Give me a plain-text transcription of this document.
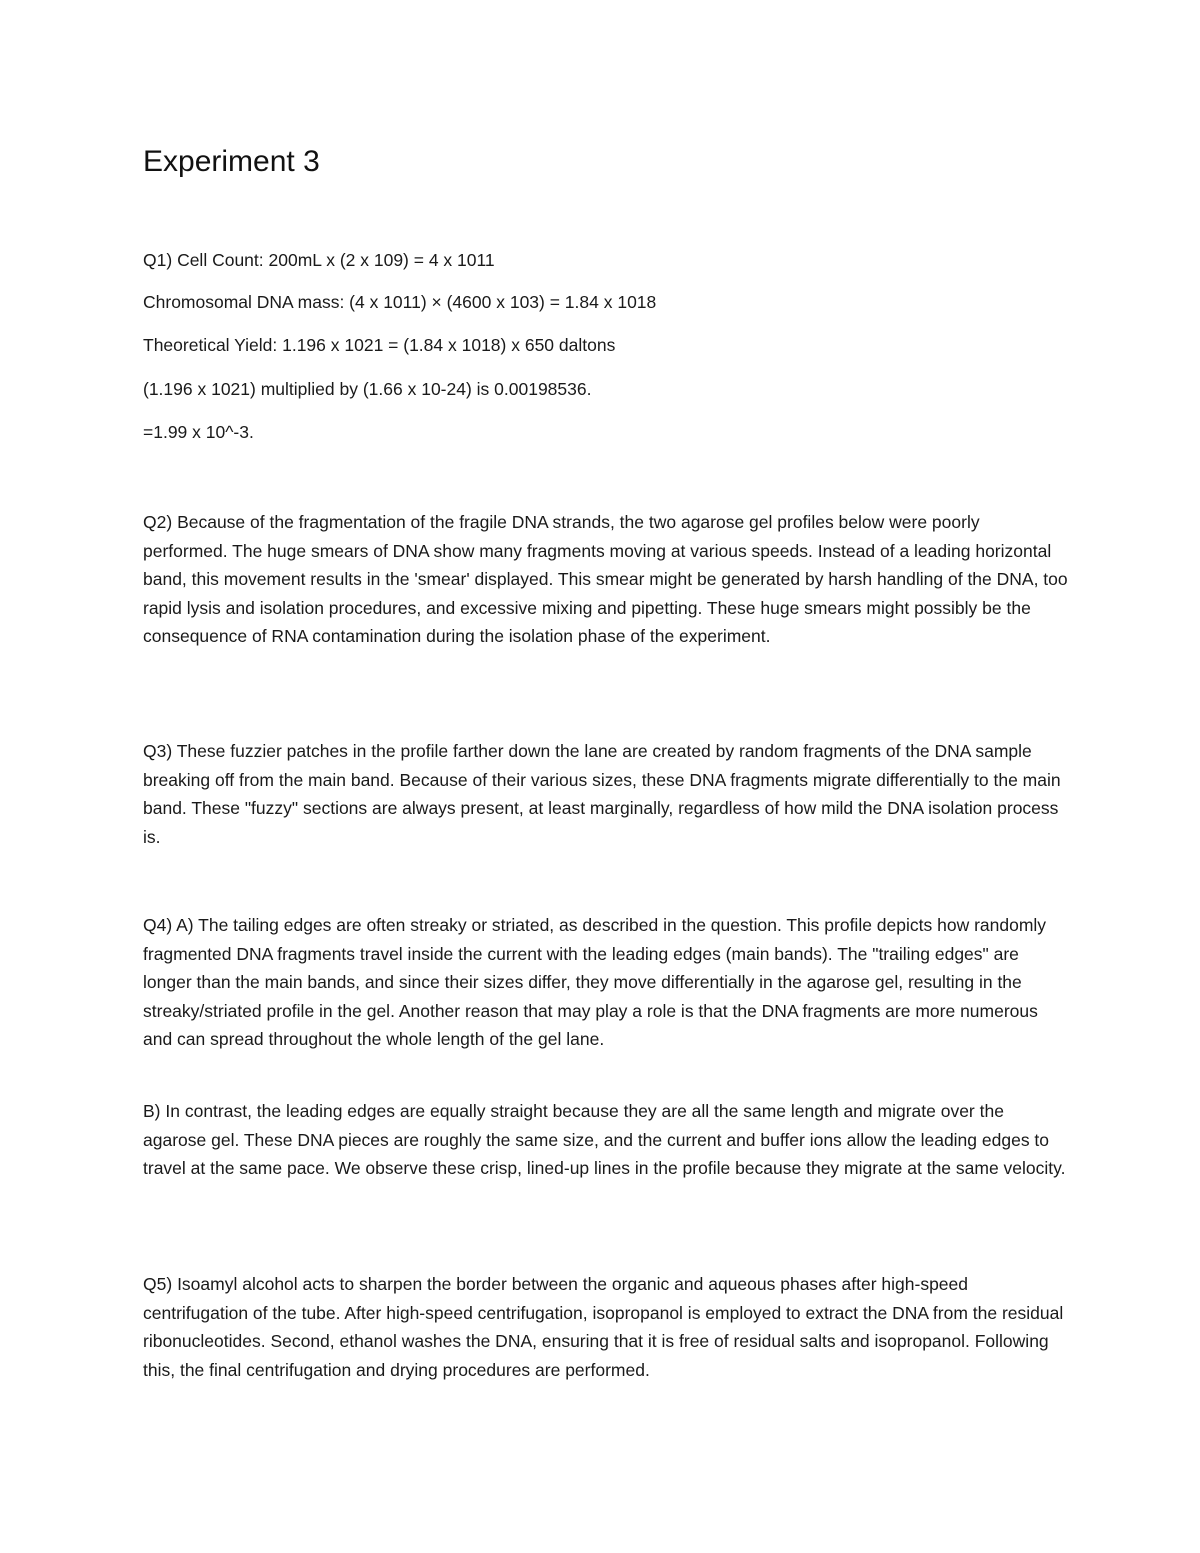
Experiment 3

Q1) Cell Count: 200mL x (2 x 109) = 4 x 1011

Chromosomal DNA mass: (4 x 1011) × (4600 x 103) = 1.84 x 1018

Theoretical Yield: 1.196 x 1021 = (1.84 x 1018) x 650 daltons

(1.196 x 1021) multiplied by (1.66 x 10-24) is 0.00198536.

=1.99 x 10^-3.

Q2) Because of the fragmentation of the fragile DNA strands, the two agarose gel profiles below were poorly performed. The huge smears of DNA show many fragments moving at various speeds. Instead of a leading horizontal band, this movement results in the 'smear' displayed. This smear might be generated by harsh handling of the DNA, too rapid lysis and isolation procedures, and excessive mixing and pipetting. These huge smears might possibly be the consequence of RNA contamination during the isolation phase of the experiment.

Q3) These fuzzier patches in the profile farther down the lane are created by random fragments of the DNA sample breaking off from the main band. Because of their various sizes, these DNA fragments migrate differentially to the main band. These "fuzzy" sections are always present, at least marginally, regardless of how mild the DNA isolation process is.

Q4) A) The tailing edges are often streaky or striated, as described in the question. This profile depicts how randomly fragmented DNA fragments travel inside the current with the leading edges (main bands). The "trailing edges" are longer than the main bands, and since their sizes differ, they move differentially in the agarose gel, resulting in the streaky/striated profile in the gel. Another reason that may play a role is that the DNA fragments are more numerous and can spread throughout the whole length of the gel lane.

B) In contrast, the leading edges are equally straight because they are all the same length and migrate over the agarose gel. These DNA pieces are roughly the same size, and the current and buffer ions allow the leading edges to travel at the same pace. We observe these crisp, lined-up lines in the profile because they migrate at the same velocity.

Q5) Isoamyl alcohol acts to sharpen the border between the organic and aqueous phases after high-speed centrifugation of the tube. After high-speed centrifugation, isopropanol is employed to extract the DNA from the residual ribonucleotides. Second, ethanol washes the DNA, ensuring that it is free of residual salts and isopropanol. Following this, the final centrifugation and drying procedures are performed.
